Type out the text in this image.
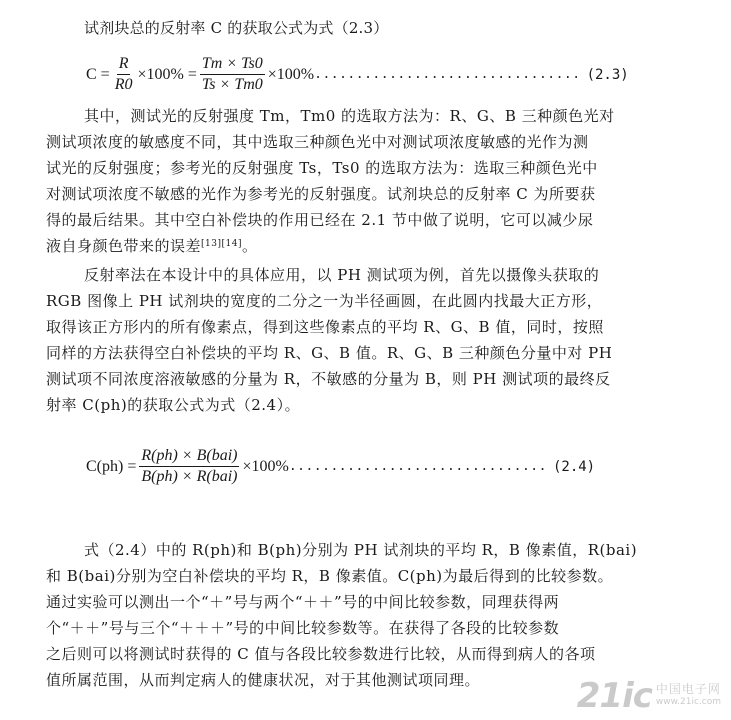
试剂块总的反射率 C 的获取公式为式（2.3）
$C = \frac{R}{R0} \times 100\% = \frac{Tm \times Ts0}{Ts \times Tm0} \times 100\%$ ................................ (2.3)
其中，测试光的反射强度 Tm，Tm0 的选取方法为：R、G、B 三种颜色光对
测试项浓度的敏感度不同，其中选取三种颜色光中对测试项浓度敏感的光作为测
试光的反射强度；参考光的反射强度 Ts，Ts0 的选取方法为：选取三种颜色光中
对测试项浓度不敏感的光作为参考光的反射强度。试剂块总的反射率 C 为所要获
得的最后结果。其中空白补偿块的作用已经在 2.1 节中做了说明，它可以减少尿
液自身颜色带来的误差[13][14]。
反射率法在本设计中的具体应用，以 PH 测试项为例，首先以摄像头获取的
RGB 图像上 PH 试剂块的宽度的二分之一为半径画圆，在此圆内找最大正方形，
取得该正方形内的所有像素点，得到这些像素点的平均 R、G、B 值，同时，按照
同样的方法获得空白补偿块的平均 R、G、B 值。R、G、B 三种颜色分量中对 PH
测试项不同浓度溶液敏感的分量为 R，不敏感的分量为 B，则 PH 测试项的最终反
射率 C(ph)的获取公式为式（2.4）。
$C(ph) = \frac{\text{R(ph) × B(bai)}}{\text{B(ph) × R(bai)}} \times 100\%$ ............................... (2.4)
式（2.4）中的 R(ph)和 B(ph)分别为 PH 试剂块的平均 R，B 像素值，R(bai)
和 B(bai)分别为空白补偿块的平均 R，B 像素值。C(ph)为最后得到的比较参数。
通过实验可以测出一个“＋”号与两个“＋＋”号的中间比较参数，同理获得两
个“＋＋”号与三个“＋＋＋”号的中间比较参数等。在获得了各段的比较参数
之后则可以将测试时获得的 C 值与各段比较参数进行比较，从而得到病人的各项
值所属范围，从而判定病人的健康状况，对于其他测试项同理。	21ic 中国电子网
www.21ic.com
